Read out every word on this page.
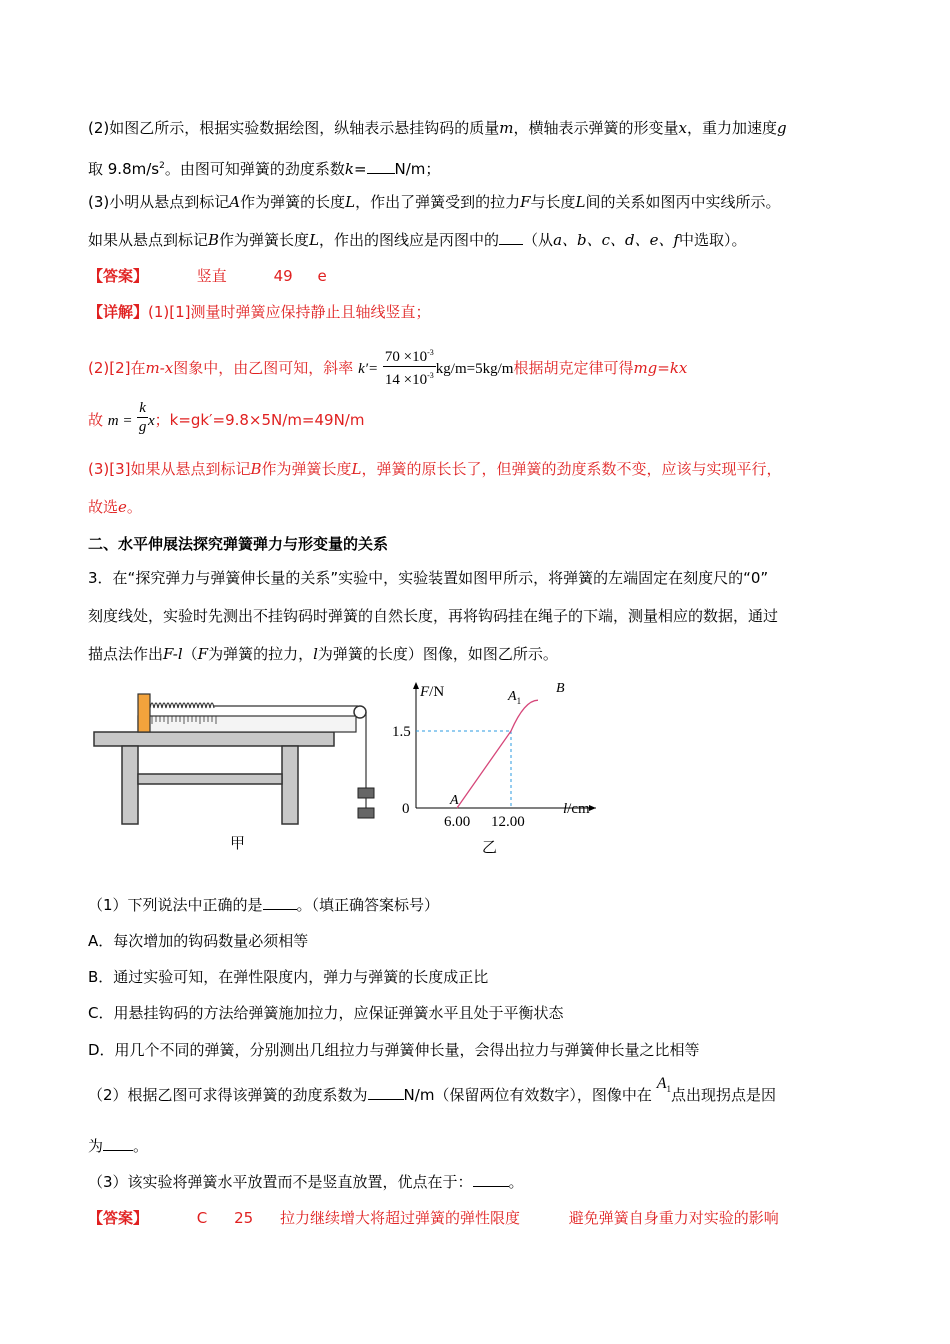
(2)如图乙所示，根据实验数据绘图，纵轴表示悬挂钩码的质量m，横轴表示弹簧的形变量x，重力加速度g
取 $9.8m/s^2$。由图可知弹簧的劲度系数k= N/m；
(3)小明从悬点到标记A作为弹簧的长度L，作出了弹簧受到的拉力F与长度L间的关系如图丙中实线所示。
如果从悬点到标记B作为弹簧长度L，作出的图线应是丙图中的 （从a、b、c、d、e、f中选取）。
【答案】	竖直	49 e
【详解】(1)[1]测量时弹簧应保持静止且轴线竖直；
(2)[2]在m-x图象中，由乙图可知，斜率 $k'= \frac{70 \times 10^{-3}}{14 \times 10^{-3}} kg/m=5kg/m$根据胡克定律可得mg=kx
故 $m = \frac{k}{g}$ x；k=gk′=9.8×5N/m=49N/m
(3)[3]如果从悬点到标记B作为弹簧长度L，弹簧的原长长了，但弹簧的劲度系数不变，应该与实现平行，
故选e。
二、水平伸展法探究弹簧弹力与形变量的关系
3．在“探究弹力与弹簧伸长量的关系”实验中，实验装置如图甲所示，将弹簧的左端固定在刻度尺的“0”
刻度线处，实验时先测出不挂钩码时弹簧的自然长度，再将钩码挂在绳子的下端，测量相应的数据，通过
描点法作出F-l（F为弹簧的拉力，l为弹簧的长度）图像，如图乙所示。
甲
F/N
l/cm
1.5
0
6.00 12.00
A
$A_1$
B
乙
（1）下列说法中正确的是 。（填正确答案标号）
A．每次增加的钩码数量必须相等
B．通过实验可知，在弹性限度内，弹力与弹簧的长度成正比
C．用悬挂钩码的方法给弹簧施加拉力，应保证弹簧水平且处于平衡状态
D．用几个不同的弹簧，分别测出几组拉力与弹簧伸长量，会得出拉力与弹簧伸长量之比相等
（2）根据乙图可求得该弹簧的劲度系数为 N/m（保留两位有效数字），图像中在 $A_1$点出现拐点是因
为 。
（3）该实验将弹簧水平放置而不是竖直放置，优点在于： 。
【答案】	C 25 拉力继续增大将超过弹簧的弹性限度	避免弹簧自身重力对实验的影响
